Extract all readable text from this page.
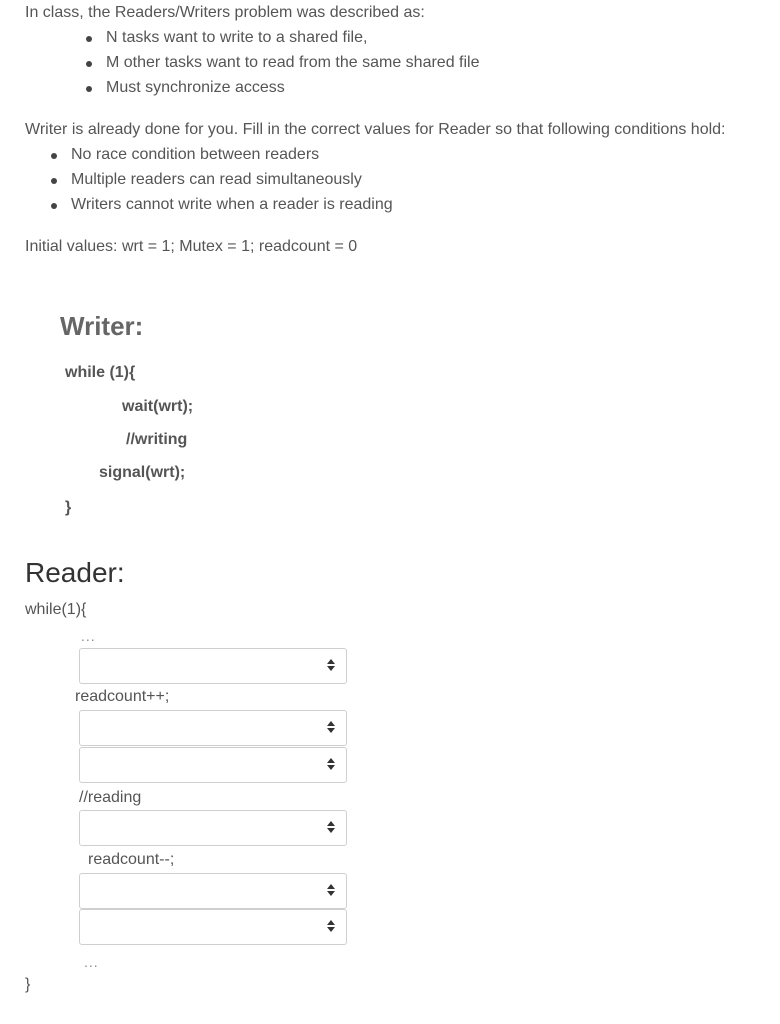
In class, the Readers/Writers problem was described as:
N tasks want to write to a shared file,
M other tasks want to read from the same shared file
Must synchronize access
Writer is already done for you. Fill in the correct values for Reader so that following conditions hold:
No race condition between readers
Multiple readers can read simultaneously
Writers cannot write when a reader is reading
Initial values: wrt = 1; Mutex = 1; readcount = 0
Writer:
while (1){
wait(wrt);
//writing
signal(wrt);
}
Reader:
while(1){
...
readcount++;
//reading
readcount--;
...
}
